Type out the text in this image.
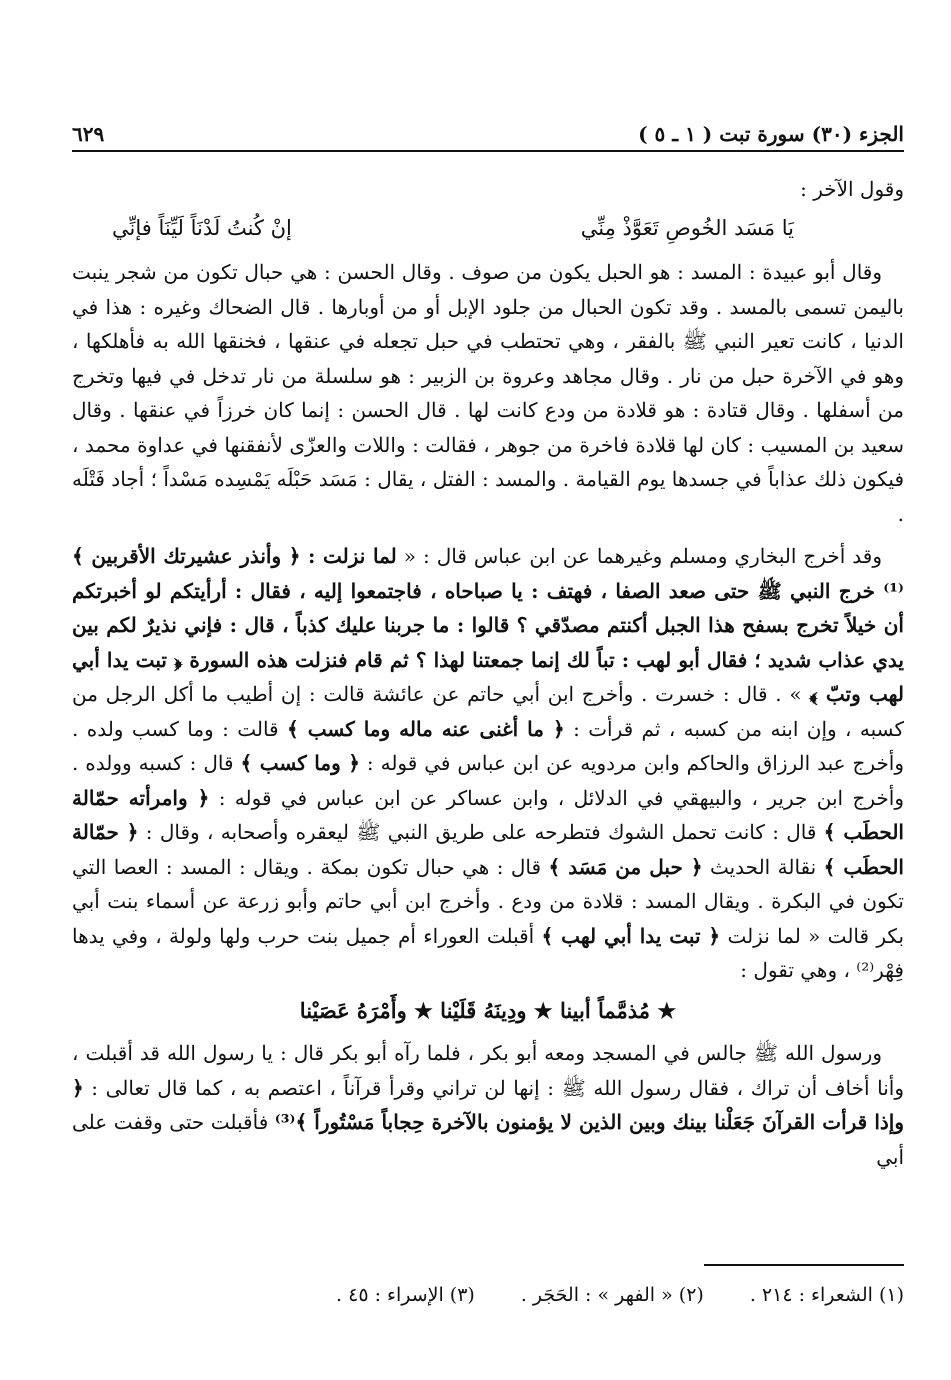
الجزء (٣٠) سورة تبت ( ١ ـ ٥ )
٦٢٩

وقول الآخر :

يَا مَسَد الخُوصِ تَعَوَّذْ مِنِّي
إنْ كُنتُ لَدْنَاً لَيِّنَاً فإنِّي

وقال أبو عبيدة : المسد : هو الحبل يكون من صوف . وقال الحسن : هي حبال تكون من شجر ينبت باليمن تسمى بالمسد . وقد تكون الحبال من جلود الإبل أو من أوبارها . قال الضحاك وغيره : هذا في الدنيا ، كانت تعير النبي ﷺ بالفقر ، وهي تحتطب في حبل تجعله في عنقها ، فخنقها الله به فأهلكها ، وهو في الآخرة حبل من نار . وقال مجاهد وعروة بن الزبير : هو سلسلة من نار تدخل في فيها وتخرج من أسفلها . وقال قتادة : هو قلادة من ودع كانت لها . قال الحسن : إنما كان خرزاً في عنقها . وقال سعيد بن المسيب : كان لها قلادة فاخرة من جوهر ، فقالت : واللات والعزّى لأنفقنها في عداوة محمد ، فيكون ذلك عذاباً في جسدها يوم القيامة . والمسد : الفتل ، يقال : مَسَد حَبْلَه يَمْسِده مَسْداً ؛ أجاد فَتْلَه .

وقد أخرج البخاري ومسلم وغيرهما عن ابن عباس قال : « لما نزلت : ﴿ وأنذر عشيرتك الأقربين ﴾⁽¹⁾ خرج النبي ﷺ حتى صعد الصفا ، فهتف : يا صباحاه ، فاجتمعوا إليه ، فقال : أرأيتكم لو أخبرتكم أن خيلاً تخرج بسفح هذا الجبل أكنتم مصدّقي ؟ قالوا : ما جربنا عليك كذباً ، قال : فإني نذيرٌ لكم بين يدي عذاب شديد ؛ فقال أبو لهب : تباً لك إنما جمعتنا لهذا ؟ ثم قام فنزلت هذه السورة ﴿ تبت يدا أبي لهب وتبّ ﴾ » . قال : خسرت . وأخرج ابن أبي حاتم عن عائشة قالت : إن أطيب ما أكل الرجل من كسبه ، وإن ابنه من كسبه ، ثم قرأت : ﴿ ما أغنى عنه ماله وما كسب ﴾ قالت : وما كسب ولده . وأخرج عبد الرزاق والحاكم وابن مردويه عن ابن عباس في قوله : ﴿ وما كسب ﴾ قال : كسبه وولده . وأخرج ابن جرير ، والبيهقي في الدلائل ، وابن عساكر عن ابن عباس في قوله : ﴿ وامرأته حمّالة الحطَب ﴾ قال : كانت تحمل الشوك فتطرحه على طريق النبي ﷺ ليعقره وأصحابه ، وقال : ﴿ حمّالة الحطَب ﴾ نقالة الحديث ﴿ حبل من مَسَد ﴾ قال : هي حبال تكون بمكة . ويقال : المسد : العصا التي تكون في البكرة . ويقال المسد : قلادة من ودع . وأخرج ابن أبي حاتم وأبو زرعة عن أسماء بنت أبي بكر قالت « لما نزلت ﴿ تبت يدا أبي لهب ﴾ أقبلت العوراء أم جميل بنت حرب ولها ولولة ، وفي يدها فِهْر⁽²⁾ ، وهي تقول :

★ مُذمَّماً أبينا ★ ودِينَهُ قَلَيْنا ★ وأَمْرَهُ عَصَيْنا

ورسول الله ﷺ جالس في المسجد ومعه أبو بكر ، فلما رآه أبو بكر قال : يا رسول الله قد أقبلت ، وأنا أخاف أن تراك ، فقال رسول الله ﷺ : إنها لن تراني وقرأ قرآناً ، اعتصم به ، كما قال تعالى : ﴿ وإذا قرأت القرآنَ جَعَلْنا بينك وبين الذين لا يؤمنون بالآخرة حِجاباً مَسْتُوراً ﴾⁽³⁾ فأقبلت حتى وقفت على أبي

(١) الشعراء : ٢١٤ .
(٢) « الفهر » : الحَجَر .
(٣) الإسراء : ٤٥ .
